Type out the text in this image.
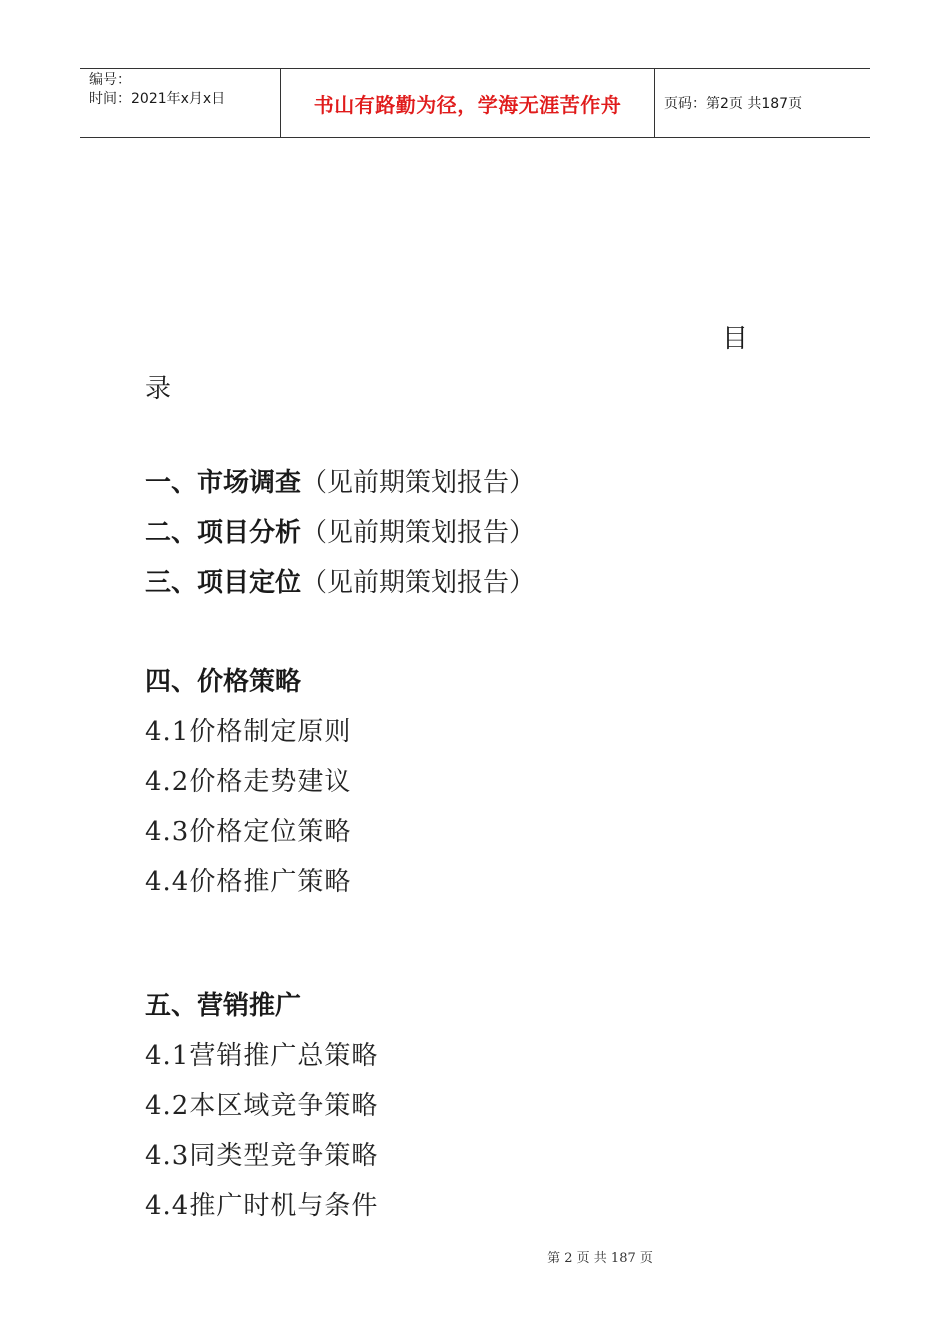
编号：
时间：2021年x月x日	书山有路勤为径，学海无涯苦作舟	页码：第2页 共187页
目
录
一、市场调查（见前期策划报告）
二、项目分析（见前期策划报告）
三、项目定位（见前期策划报告）
四、价格策略
4.1价格制定原则
4.2价格走势建议
4.3价格定位策略
4.4价格推广策略
五、营销推广
4.1营销推广总策略
4.2本区域竞争策略
4.3同类型竞争策略
4.4推广时机与条件
第 2 页 共 187 页
